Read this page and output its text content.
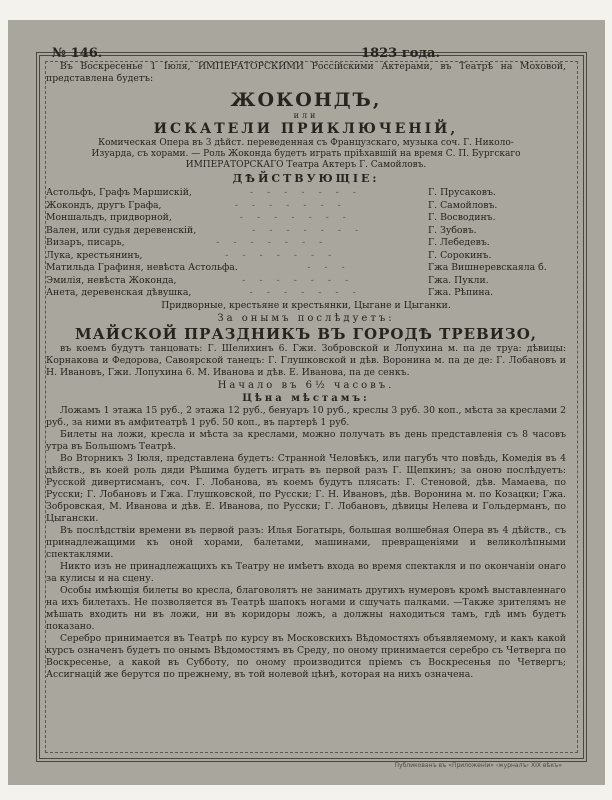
№ 146.	1823 года.

Въ Воскресенье 1 Іюля, ИМПЕРАТОРСКИМИ Россійскими Актерами, въ Театрѣ на Моховой, представлена будетъ:

ЖОКОНДЪ,
или
ИСКАТЕЛИ ПРИКЛЮЧЕНІЙ,

Комическая Опера въ 3 дѣйст. переведенная съ Французскаго, музыка соч. Г. Николо-

Изуарда, съ хорами. — Роль Жоконда будетъ играть пріѣхавшій на время С. П. Бургскаго

ИМПЕРАТОРСКАГО Театра Актеръ Г. Самойловъ.

ДѢЙСТВУЮЩІЕ:
Астольфъ, Графъ Маршискій,	-------	Г. Прусаковъ.
Жокондъ, другъ Графа,	-------	Г. Самойловъ.
Моншальдъ, придворной,	-------	Г. Восводинъ.
Вален, или судья деревенскій,	-------	Г. Зубовъ.
Визаръ, писарь,	-------	Г. Лебедевъ.
Лука, крестьянинъ,	-------	Г. Сорокинъ.
Матильда Графиня, невѣста Астольфа.	---	Гжа Вишнеревскаяла б.
Эмилія, невѣста Жоконда,	-------	Гжа. Пукли.
Анета, деревенская дѣвушка,	-------	Гжа. Рѣпина.

Придворные, крестьяне и крестьянки, Цыгане и Цыганки.

За онымъ послѣдуетъ:
МАЙСКОЙ ПРАЗДНИКЪ ВЪ ГОРОДѢ ТРЕВИЗО,

въ коемъ будутъ танцовать: Г. Шелихинъ 6. Гжи. Зобровской и Лопухина м. па де труа: дѣвицы: Корнакова и Федорова, Савоярской танецъ: Г. Глушковской и дѣв. Воронина м. па де де: Г. Лобановъ и Н. Ивановъ, Гжи. Лопухина 6. М. Иванова и дѣв. Е. Иванова, па де сенкъ.

Начало въ 6½ часовъ.
Цѣна мѣстамъ:

Ложамъ 1 этажа 15 руб., 2 этажа 12 руб., бенуаръ 10 руб., креслы 3 руб. 30 коп., мѣста за креслами 2 руб., за ними въ амфитеатрѣ 1 руб. 50 коп., въ партерѣ 1 руб.

Билеты на ложи, кресла и мѣста за креслами, можно получать въ день представленія съ 8 часовъ утра въ Большомъ Театрѣ.

Во Вторникъ 3 Іюля, представлена будетъ: Странной Человѣкъ, или пагубъ что повѣдь, Комедія въ 4 дѣйств., въ коей роль дяди Рѣшима будетъ играть въ первой разъ Г. Щепкинъ; за оною послѣдуетъ: Русской дивертисманъ, соч. Г. Лобанова, въ коемъ будутъ плясать: Г. Стеновой, дѣв. Мамаева, по Русски; Г. Лобановъ и Гжа. Глушковской, по Русски; Г. Н. Ивановъ, дѣв. Воронина м. по Козацки; Гжа. Зобровская, М. Иванова и дѣв. Е. Иванова, по Русски; Г. Лобановъ, дѣвицы Нелева и Гольдерманъ, по Цыгански.

Въ послѣдствіи времени въ первой разъ: Илья Богатырь, большая волшебная Опера въ 4 дѣйств., съ принадлежащими къ оной хорами, балетами, машинами, превращеніями и великолѣпными спектаклями.

Никто изъ не принадлежащихъ къ Театру не имѣетъ входа во время спектакля и по окончаніи онаго за кулисы и на сцену.

Особы имѣющія билеты во кресла, благоволятъ не занимать другихъ нумеровъ кромѣ выставленнаго на ихъ билетахъ. Не позволяется въ Театрѣ шапокъ ногами и сшучать палками. —Также зрителямъ не мѣшать входить ни въ ложи, ни въ коридоры ложъ, а должны находиться тамъ, гдѣ имъ будетъ показано.

Серебро принимается въ Театрѣ по курсу въ Московскихъ Вѣдомостяхъ объявляемому, и какъ какой курсъ означенъ будетъ по онымъ Вѣдомостямъ въ Среду, по оному принимается серебро съ Четверга по Воскресенье, а какой въ Субботу, по оному производится пріемъ съ Воскресенья по Четвергъ; Ассигнацій же берутся по прежнему, въ той нолевой цѣнѣ, которая на нихъ означена.

Публикованъ въ «Приложеніи» ‹журналъ› XIX вѣкъ»
